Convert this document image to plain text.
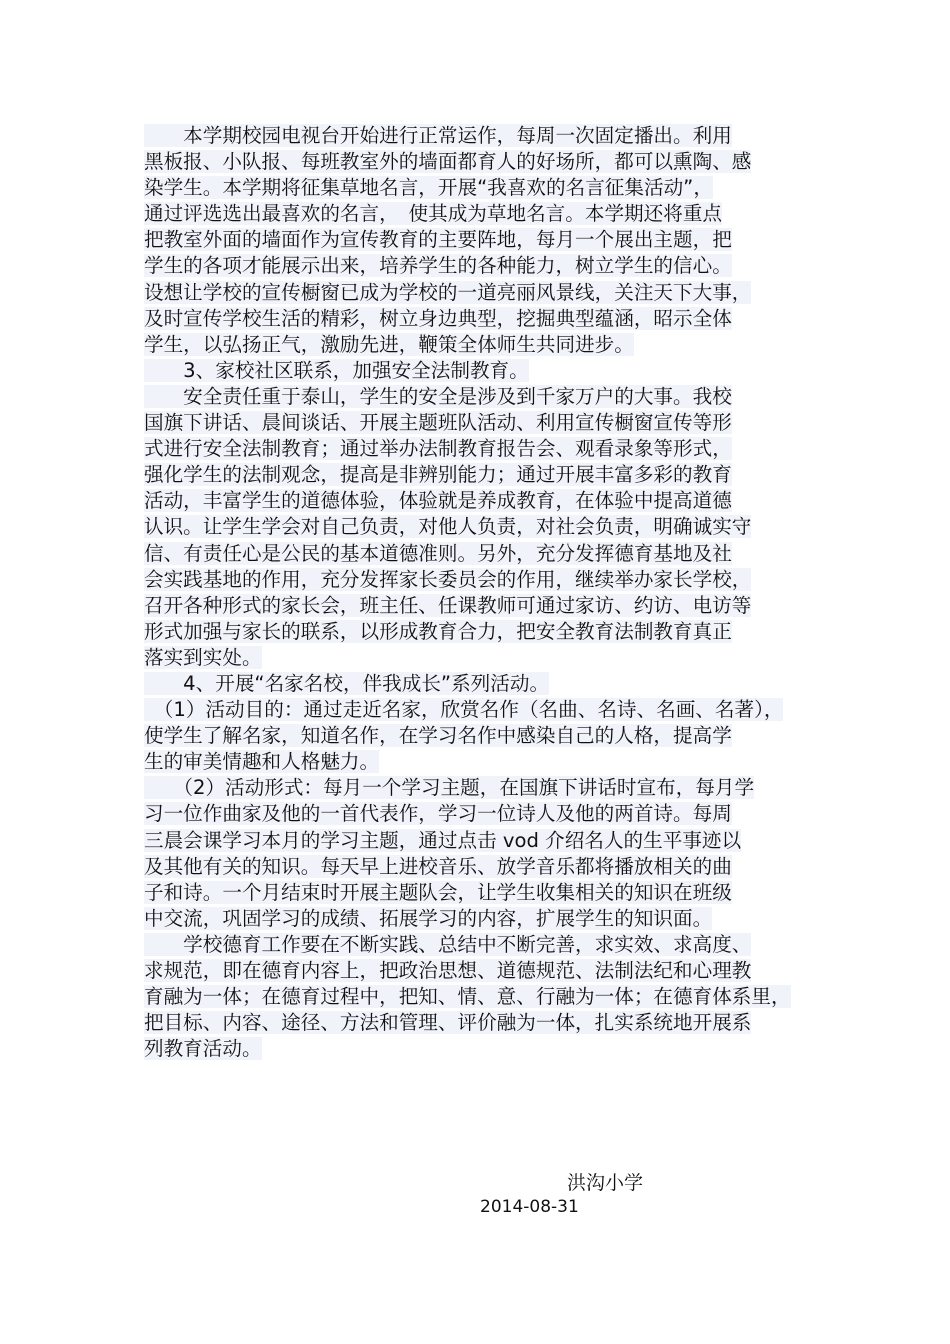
　　本学期校园电视台开始进行正常运作，每周一次固定播出。利用
黑板报、小队报、每班教室外的墙面都育人的好场所，都可以熏陶、感
染学生。本学期将征集草地名言，开展“我喜欢的名言征集活动”，
通过评选选出最喜欢的名言，　使其成为草地名言。本学期还将重点
把教室外面的墙面作为宣传教育的主要阵地，每月一个展出主题，把
学生的各项才能展示出来，培养学生的各种能力，树立学生的信心。
设想让学校的宣传橱窗已成为学校的一道亮丽风景线，关注天下大事，
及时宣传学校生活的精彩，树立身边典型，挖掘典型蕴涵，昭示全体
学生，以弘扬正气，激励先进，鞭策全体师生共同进步。
　　3、家校社区联系，加强安全法制教育。
　　安全责任重于泰山，学生的安全是涉及到千家万户的大事。我校
国旗下讲话、晨间谈话、开展主题班队活动、利用宣传橱窗宣传等形
式进行安全法制教育；通过举办法制教育报告会、观看录象等形式，
强化学生的法制观念，提高是非辨别能力；通过开展丰富多彩的教育
活动，丰富学生的道德体验，体验就是养成教育，在体验中提高道德
认识。让学生学会对自己负责，对他人负责，对社会负责，明确诚实守
信、有责任心是公民的基本道德准则。另外，充分发挥德育基地及社
会实践基地的作用，充分发挥家长委员会的作用，继续举办家长学校，
召开各种形式的家长会，班主任、任课教师可通过家访、约访、电访等
形式加强与家长的联系，以形成教育合力，把安全教育法制教育真正
落实到实处。
　　4、开展“名家名校，伴我成长”系列活动。
　（1）活动目的：通过走近名家，欣赏名作（名曲、名诗、名画、名著），
使学生了解名家，知道名作，在学习名作中感染自己的人格，提高学
生的审美情趣和人格魅力。
　　（2）活动形式：每月一个学习主题，在国旗下讲话时宣布，每月学
习一位作曲家及他的一首代表作，学习一位诗人及他的两首诗。每周
三晨会课学习本月的学习主题，通过点击 vod 介绍名人的生平事迹以
及其他有关的知识。每天早上进校音乐、放学音乐都将播放相关的曲
子和诗。一个月结束时开展主题队会，让学生收集相关的知识在班级
中交流，巩固学习的成绩、拓展学习的内容，扩展学生的知识面。
　　学校德育工作要在不断实践、总结中不断完善，求实效、求高度、
求规范，即在德育内容上，把政治思想、道德规范、法制法纪和心理教
育融为一体；在德育过程中，把知、情、意、行融为一体；在德育体系里，
把目标、内容、途径、方法和管理、评价融为一体，扎实系统地开展系
列教育活动。
洪沟小学
2014-08-31
